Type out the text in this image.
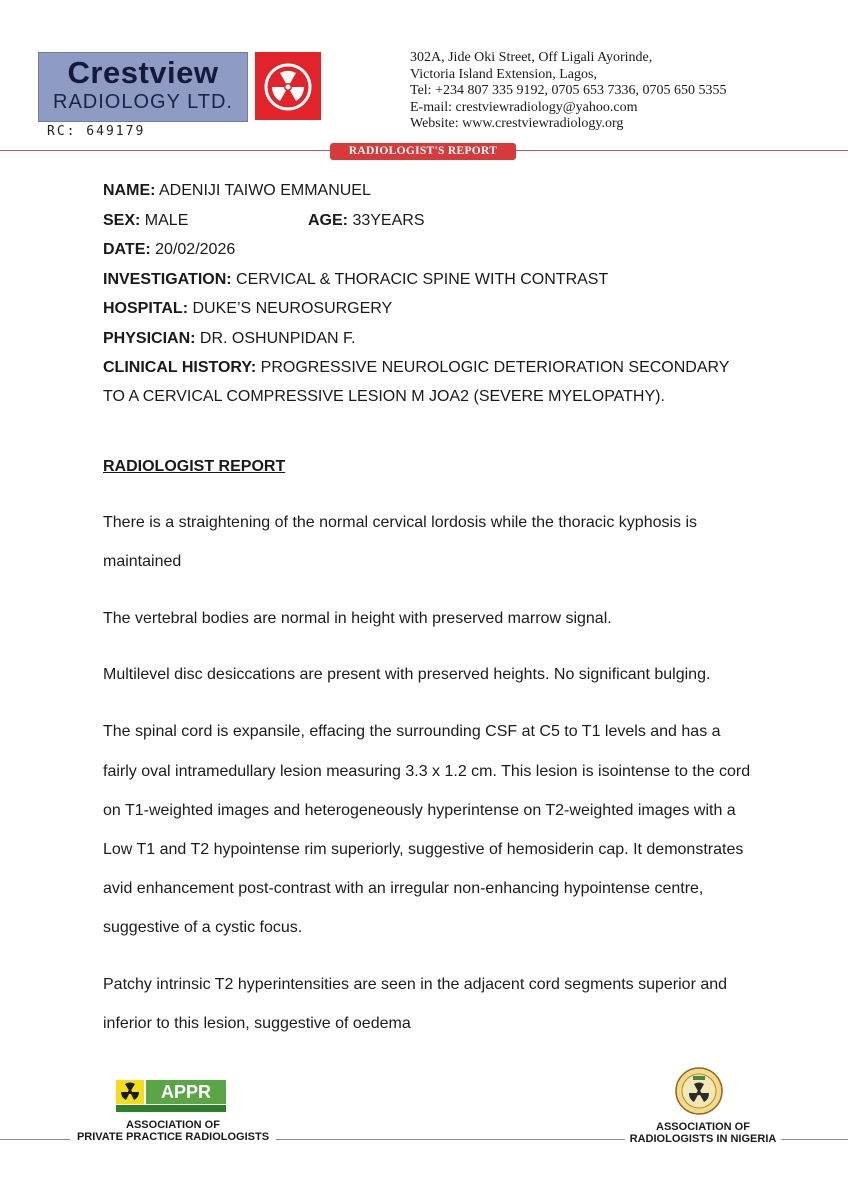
Crestview
RADIOLOGY LTD.
RC: 649179
302A, Jide Oki Street, Off Ligali Ayorinde,
Victoria Island Extension, Lagos,
Tel: +234 807 335 9192, 0705 653 7336, 0705 650 5355
E-mail: crestviewradiology@yahoo.com
Website: www.crestviewradiology.org
RADIOLOGIST'S REPORT
NAME: ADENIJI TAIWO EMMANUEL
SEX: MALE	AGE: 33YEARS
DATE: 20/02/2026
INVESTIGATION: CERVICAL & THORACIC SPINE WITH CONTRAST
HOSPITAL: DUKE’S NEUROSURGERY
PHYSICIAN: DR. OSHUNPIDAN F.
CLINICAL HISTORY: PROGRESSIVE NEUROLOGIC DETERIORATION SECONDARY
TO A CERVICAL COMPRESSIVE LESION M JOA2 (SEVERE MYELOPATHY).
RADIOLOGIST REPORT
There is a straightening of the normal cervical lordosis while the thoracic kyphosis is
maintained
The vertebral bodies are normal in height with preserved marrow signal.
Multilevel disc desiccations are present with preserved heights. No significant bulging.
The spinal cord is expansile, effacing the surrounding CSF at C5 to T1 levels and has a
fairly oval intramedullary lesion measuring 3.3 x 1.2 cm. This lesion is isointense to the cord
on T1-weighted images and heterogeneously hyperintense on T2-weighted images with a
Low T1 and T2 hypointense rim superiorly, suggestive of hemosiderin cap. It demonstrates
avid enhancement post-contrast with an irregular non-enhancing hypointense centre,
suggestive of a cystic focus.
Patchy intrinsic T2 hyperintensities are seen in the adjacent cord segments superior and
inferior to this lesion, suggestive of oedema
APPR
ASSOCIATION OF
PRIVATE PRACTICE RADIOLOGISTS
ASSOCIATION OF
RADIOLOGISTS IN NIGERIA
